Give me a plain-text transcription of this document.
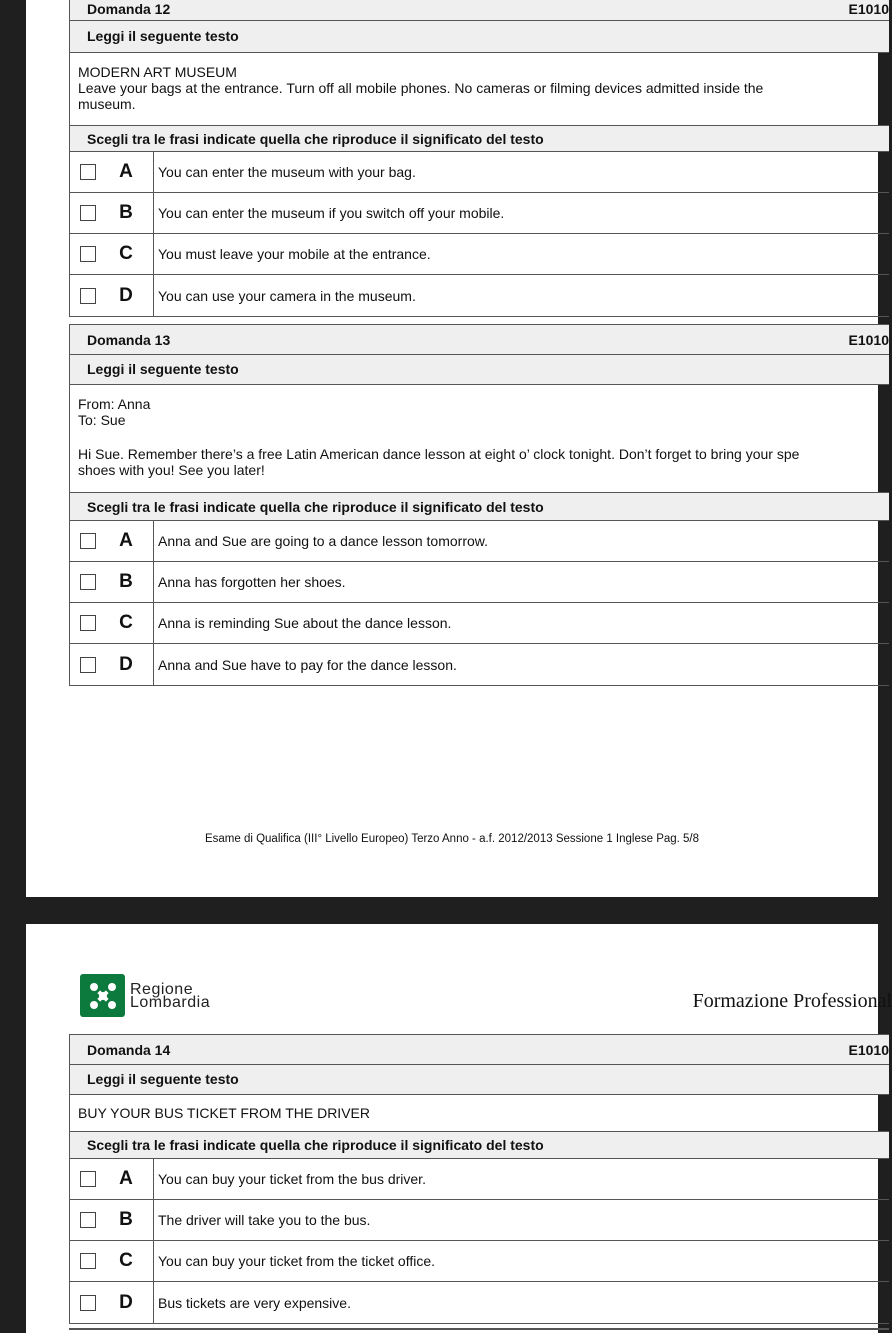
Domanda 12	E1010
Leggi il seguente testo
MODERN ART MUSEUM
Leave your bags at the entrance. Turn off all mobile phones. No cameras or filming devices admitted inside the
museum.
Scegli tra le frasi indicate quella che riproduce il significato del testo
A You can enter the museum with your bag.
B You can enter the museum if you switch off your mobile.
C You must leave your mobile at the entrance.
D You can use your camera in the museum.
Domanda 13	E1010
Leggi il seguente testo
From: Anna
To: Sue
Hi Sue. Remember there’s a free Latin American dance lesson at eight o’ clock tonight. Don’t forget to bring your spe
shoes with you! See you later!
Scegli tra le frasi indicate quella che riproduce il significato del testo
A Anna and Sue are going to a dance lesson tomorrow.
B Anna has forgotten her shoes.
C Anna is reminding Sue about the dance lesson.
D Anna and Sue have to pay for the dance lesson.
Esame di Qualifica (III° Livello Europeo) Terzo Anno - a.f. 2012/2013 Sessione 1 Inglese Pag. 5/8
Regione
Lombardia	Formazione Professional
Domanda 14	E1010
Leggi il seguente testo
BUY YOUR BUS TICKET FROM THE DRIVER
Scegli tra le frasi indicate quella che riproduce il significato del testo
A You can buy your ticket from the bus driver.
B The driver will take you to the bus.
C You can buy your ticket from the ticket office.
D Bus tickets are very expensive.
